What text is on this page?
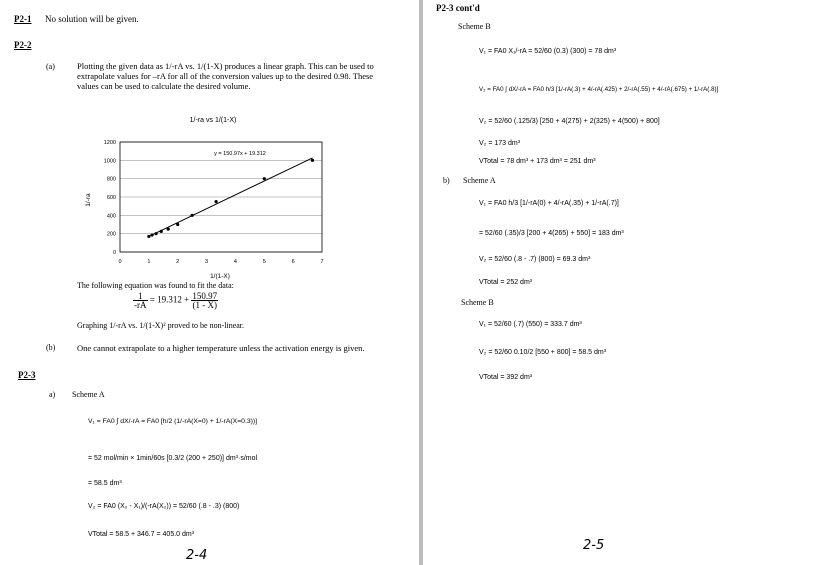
P2-1 No solution will be given.
P2-2
(a)	Plotting the given data as 1/-rA vs. 1/(1-X) produces a linear graph. This can be used to extrapolate values for –rA for all of the conversion values up to the desired 0.98. These values can be used to calculate the desired volume.
1/-ra vs 1/(1-X)
0	1	2	3	4	5	6	7
0
200
400
600
800
1000
1200
y = 150.97x + 19.312
1/-ra
1/(1-X)
The following equation was found to fit the data:
$\frac{1}{-rA} = 19.312 + \frac{150.97}{(1 - X)}$
Graphing 1/-rA vs. 1/(1-X)² proved to be non-linear.
(b)	One cannot extrapolate to a higher temperature unless the activation energy is given.
P2-3
a) Scheme A
V₁ = FA0 ∫ dX/-rA = FA0 [h/2 (1/-rA(X=0) + 1/-rA(X=0.3))]
= 52 mol/min × 1min/60s [0.3/2 (200 + 250)] dm³·s/mol
= 58.5 dm³
V₂ = FA0 (X₂ - X₁)/(-rA(X₂)) = 52/60 (.8 - .3) (800)
VTotal = 58.5 + 346.7 = 405.0 dm³
2-4
P2-3 cont'd
Scheme B
V₁ = FA0 X₁/-rA = 52/60 (0.3) (300) = 78 dm³
V₂ = FA0 ∫ dX/-rA = FA0 h/3 [1/-rA(.3) + 4/-rA(.425) + 2/-rA(.55) + 4/-rA(.675) + 1/-rA(.8)]
V₂ = 52/60 (.125/3) [250 + 4(275) + 2(325) + 4(500) + 800]
V₂ = 173 dm³
VTotal = 78 dm³ + 173 dm³ = 251 dm³
b) Scheme A
V₁ = FA0 h/3 [1/-rA(0) + 4/-rA(.35) + 1/-rA(.7)]
= 52/60 (.35)/3 [200 + 4(265) + 550] = 183 dm³
V₂ = 52/60 (.8 - .7) (800) = 69.3 dm³
VTotal = 252 dm³
Scheme B
V₁ = 52/60 (.7) (550) = 333.7 dm³
V₂ = 52/60 0.10/2 [550 + 800] = 58.5 dm³
VTotal = 392 dm³
2-5
